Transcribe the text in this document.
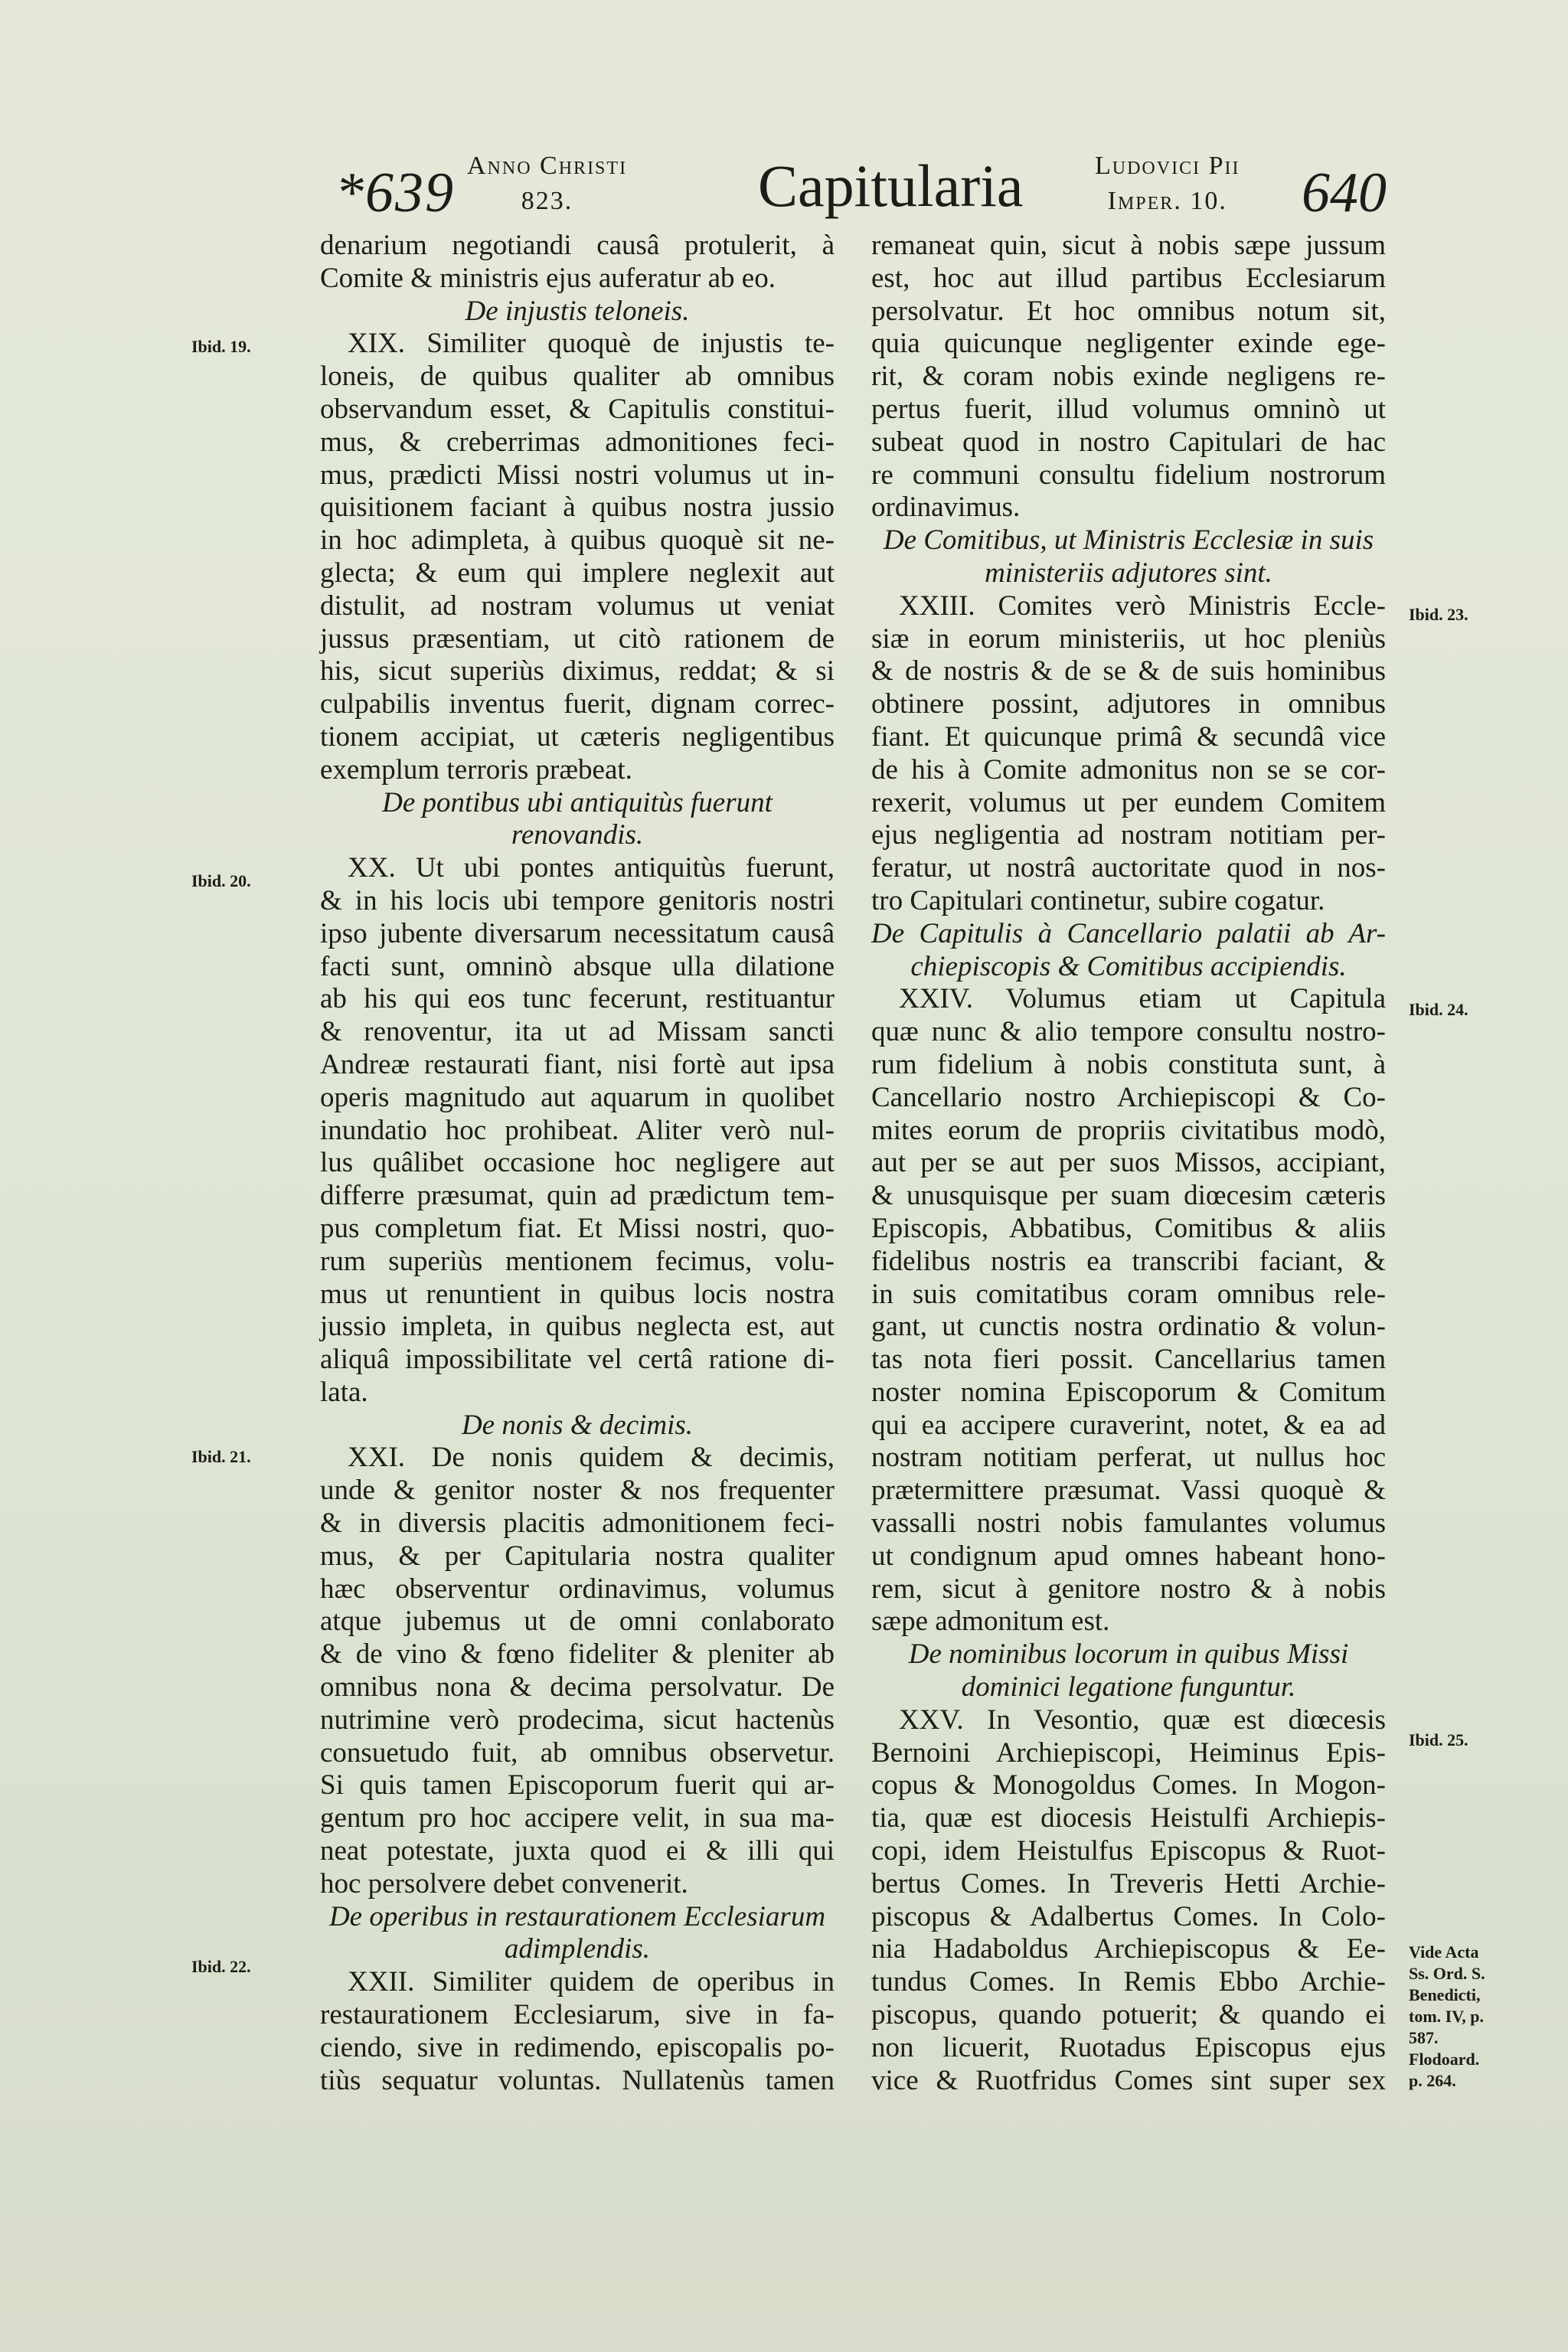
*639 Anno Christi
823.	Capitularia	Ludovici Pii
Imper. 10. 640
Ibid. 19.
Ibid. 20.
Ibid. 21.
Ibid. 22.
Ibid. 23.
Ibid. 24.
Ibid. 25.
Vide Acta
Ss. Ord. S.
Benedicti,
tom. IV, p.
587.
Flodoard.
p. 264.
denarium negotiandi causâ protulerit, à
Comite & ministris ejus auferatur ab eo.
De injustis teloneis.
XIX. Similiter quoquè de injustis te-
loneis, de quibus qualiter ab omnibus
observandum esset, & Capitulis constitui-
mus, & creberrimas admonitiones feci-
mus, prædicti Missi nostri volumus ut in-
quisitionem faciant à quibus nostra jussio
in hoc adimpleta, à quibus quoquè sit ne-
glecta; & eum qui implere neglexit aut
distulit, ad nostram volumus ut veniat
jussus præsentiam, ut citò rationem de
his, sicut superiùs diximus, reddat; & si
culpabilis inventus fuerit, dignam correc-
tionem accipiat, ut cæteris negligentibus
exemplum terroris præbeat.
De pontibus ubi antiquitùs fuerunt
renovandis.
XX. Ut ubi pontes antiquitùs fuerunt,
& in his locis ubi tempore genitoris nostri
ipso jubente diversarum necessitatum causâ
facti sunt, omninò absque ulla dilatione
ab his qui eos tunc fecerunt, restituantur
& renoventur, ita ut ad Missam sancti
Andreæ restaurati fiant, nisi fortè aut ipsa
operis magnitudo aut aquarum in quolibet
inundatio hoc prohibeat. Aliter verò nul-
lus quâlibet occasione hoc negligere aut
differre præsumat, quin ad prædictum tem-
pus completum fiat. Et Missi nostri, quo-
rum superiùs mentionem fecimus, volu-
mus ut renuntient in quibus locis nostra
jussio impleta, in quibus neglecta est, aut
aliquâ impossibilitate vel certâ ratione di-
lata.
De nonis & decimis.
XXI. De nonis quidem & decimis,
unde & genitor noster & nos frequenter
& in diversis placitis admonitionem feci-
mus, & per Capitularia nostra qualiter
hæc observentur ordinavimus, volumus
atque jubemus ut de omni conlaborato
& de vino & fœno fideliter & pleniter ab
omnibus nona & decima persolvatur. De
nutrimine verò prodecima, sicut hactenùs
consuetudo fuit, ab omnibus observetur.
Si quis tamen Episcoporum fuerit qui ar-
gentum pro hoc accipere velit, in sua ma-
neat potestate, juxta quod ei & illi qui
hoc persolvere debet convenerit.
De operibus in restaurationem Ecclesiarum
adimplendis.
XXII. Similiter quidem de operibus in
restaurationem Ecclesiarum, sive in fa-
ciendo, sive in redimendo, episcopalis po-
tiùs sequatur voluntas. Nullatenùs tamen
remaneat quin, sicut à nobis sæpe jussum
est, hoc aut illud partibus Ecclesiarum
persolvatur. Et hoc omnibus notum sit,
quia quicunque negligenter exinde ege-
rit, & coram nobis exinde negligens re-
pertus fuerit, illud volumus omninò ut
subeat quod in nostro Capitulari de hac
re communi consultu fidelium nostrorum
ordinavimus.
De Comitibus, ut Ministris Ecclesiæ in suis
ministeriis adjutores sint.
XXIII. Comites verò Ministris Eccle-
siæ in eorum ministeriis, ut hoc pleniùs
& de nostris & de se & de suis hominibus
obtinere possint, adjutores in omnibus
fiant. Et quicunque primâ & secundâ vice
de his à Comite admonitus non se se cor-
rexerit, volumus ut per eundem Comitem
ejus negligentia ad nostram notitiam per-
feratur, ut nostrâ auctoritate quod in nos-
tro Capitulari continetur, subire cogatur.
De Capitulis à Cancellario palatii ab Ar-
chiepiscopis & Comitibus accipiendis.
XXIV. Volumus etiam ut Capitula
quæ nunc & alio tempore consultu nostro-
rum fidelium à nobis constituta sunt, à
Cancellario nostro Archiepiscopi & Co-
mites eorum de propriis civitatibus modò,
aut per se aut per suos Missos, accipiant,
& unusquisque per suam diœcesim cæteris
Episcopis, Abbatibus, Comitibus & aliis
fidelibus nostris ea transcribi faciant, &
in suis comitatibus coram omnibus rele-
gant, ut cunctis nostra ordinatio & volun-
tas nota fieri possit. Cancellarius tamen
noster nomina Episcoporum & Comitum
qui ea accipere curaverint, notet, & ea ad
nostram notitiam perferat, ut nullus hoc
prætermittere præsumat. Vassi quoquè &
vassalli nostri nobis famulantes volumus
ut condignum apud omnes habeant hono-
rem, sicut à genitore nostro & à nobis
sæpe admonitum est.
De nominibus locorum in quibus Missi
dominici legatione funguntur.
XXV. In Vesontio, quæ est diœcesis
Bernoini Archiepiscopi, Heiminus Epis-
copus & Monogoldus Comes. In Mogon-
tia, quæ est diocesis Heistulfi Archiepis-
copi, idem Heistulfus Episcopus & Ruot-
bertus Comes. In Treveris Hetti Archie-
piscopus & Adalbertus Comes. In Colo-
nia Hadaboldus Archiepiscopus & Ee-
tundus Comes. In Remis Ebbo Archie-
piscopus, quando potuerit; & quando ei
non licuerit, Ruotadus Episcopus ejus
vice & Ruotfridus Comes sint super sex
